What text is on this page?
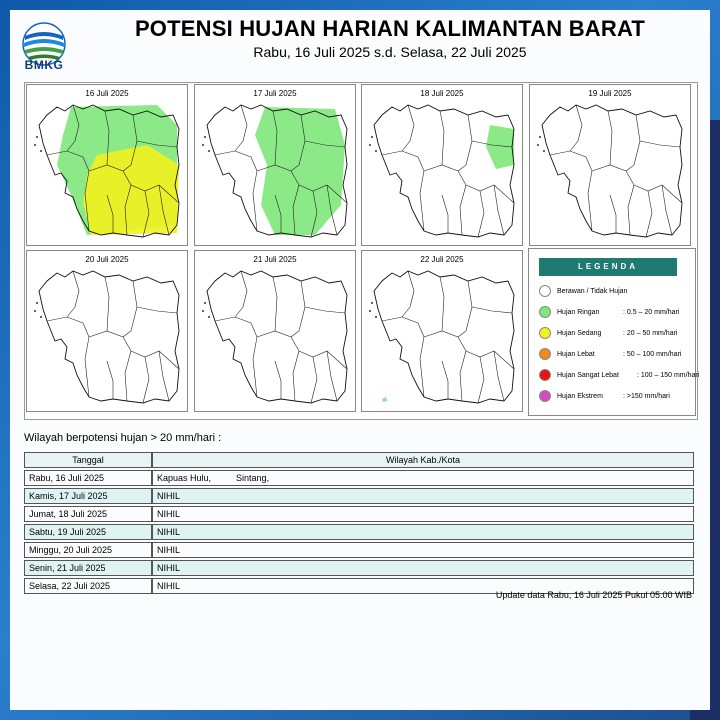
BMKG
POTENSI HUJAN HARIAN KALIMANTAN BARAT
Rabu, 16 Juli 2025 s.d. Selasa, 22 Juli 2025
16 Juli 2025	17 Juli 2025	18 Juli 2025	19 Juli 2025
20 Juli 2025	21 Juli 2025	22 Juli 2025
LEGENDA
Berawan / Tidak Hujan
Hujan Ringan	: 0.5 – 20 mm/hari
Hujan Sedang	: 20 – 50 mm/hari
Hujan Lebat	: 50 – 100 mm/hari
Hujan Sangat Lebat	: 100 – 150 mm/hari
Hujan Ekstrem	: >150 mm/hari
Wilayah berpotensi hujan > 20 mm/hari :
Tanggal	Wilayah Kab./Kota
Rabu, 16 Juli 2025	Kapuas Hulu,          Sintang,
Kamis, 17 Juli 2025	NIHIL
Jumat, 18 Juli 2025	NIHIL
Sabtu, 19 Juli 2025	NIHIL
Minggu, 20 Juli 2025	NIHIL
Senin, 21 Juli 2025	NIHIL
Selasa, 22 Juli 2025	NIHIL
Update data Rabu, 16 Juli 2025 Pukul 05.00 WIB
